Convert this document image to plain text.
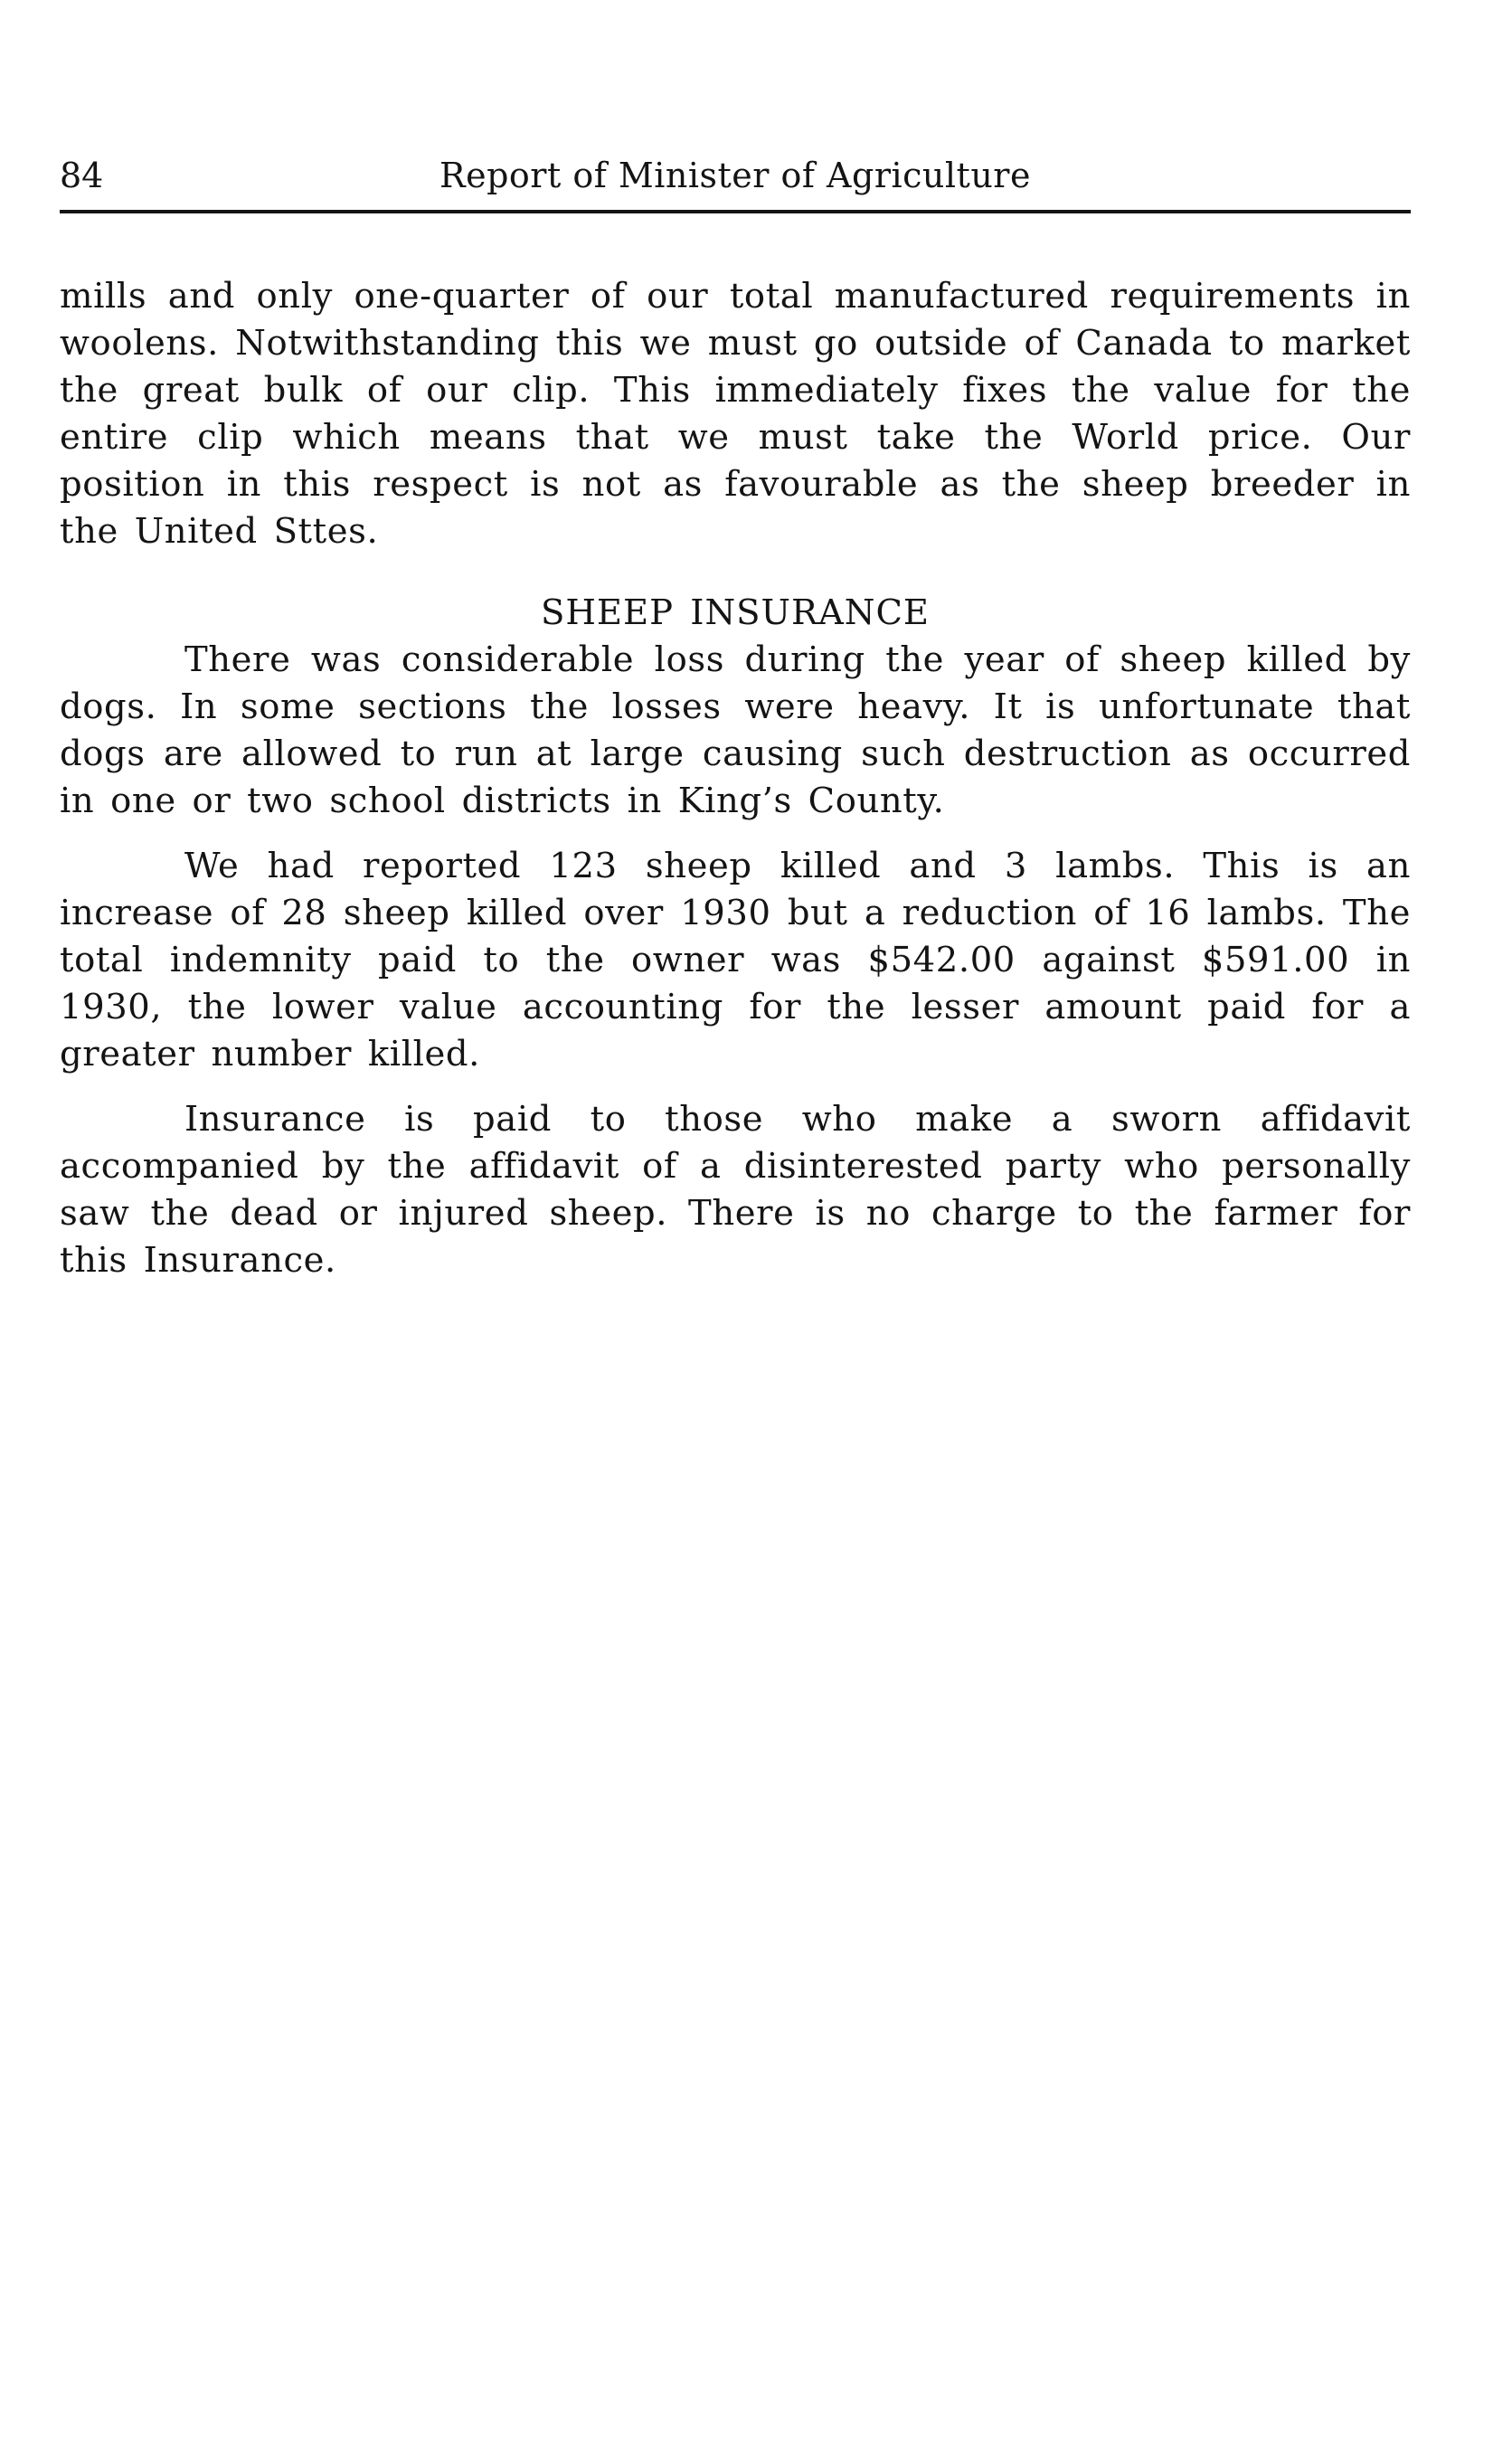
84	Report of Minister of Agriculture

mills and only one-quarter of our total manufactured requirements in woolens. Notwithstanding this we must go outside of Canada to market the great bulk of our clip. This immediately fixes the value for the entire clip which means that we must take the World price. Our position in this respect is not as favourable as the sheep breeder in the United Sttes.

SHEEP INSURANCE

There was considerable loss during the year of sheep killed by dogs. In some sections the losses were heavy. It is unfortunate that dogs are allowed to run at large causing such destruction as occurred in one or two school districts in King’s County.

We had reported 123 sheep killed and 3 lambs. This is an increase of 28 sheep killed over 1930 but a reduction of 16 lambs. The total indemnity paid to the owner was $542.00 against $591.00 in 1930, the lower value accounting for the lesser amount paid for a greater number killed.

Insurance is paid to those who make a sworn affidavit accompanied by the affidavit of a disinterested party who personally saw the dead or injured sheep. There is no charge to the farmer for this Insurance.
